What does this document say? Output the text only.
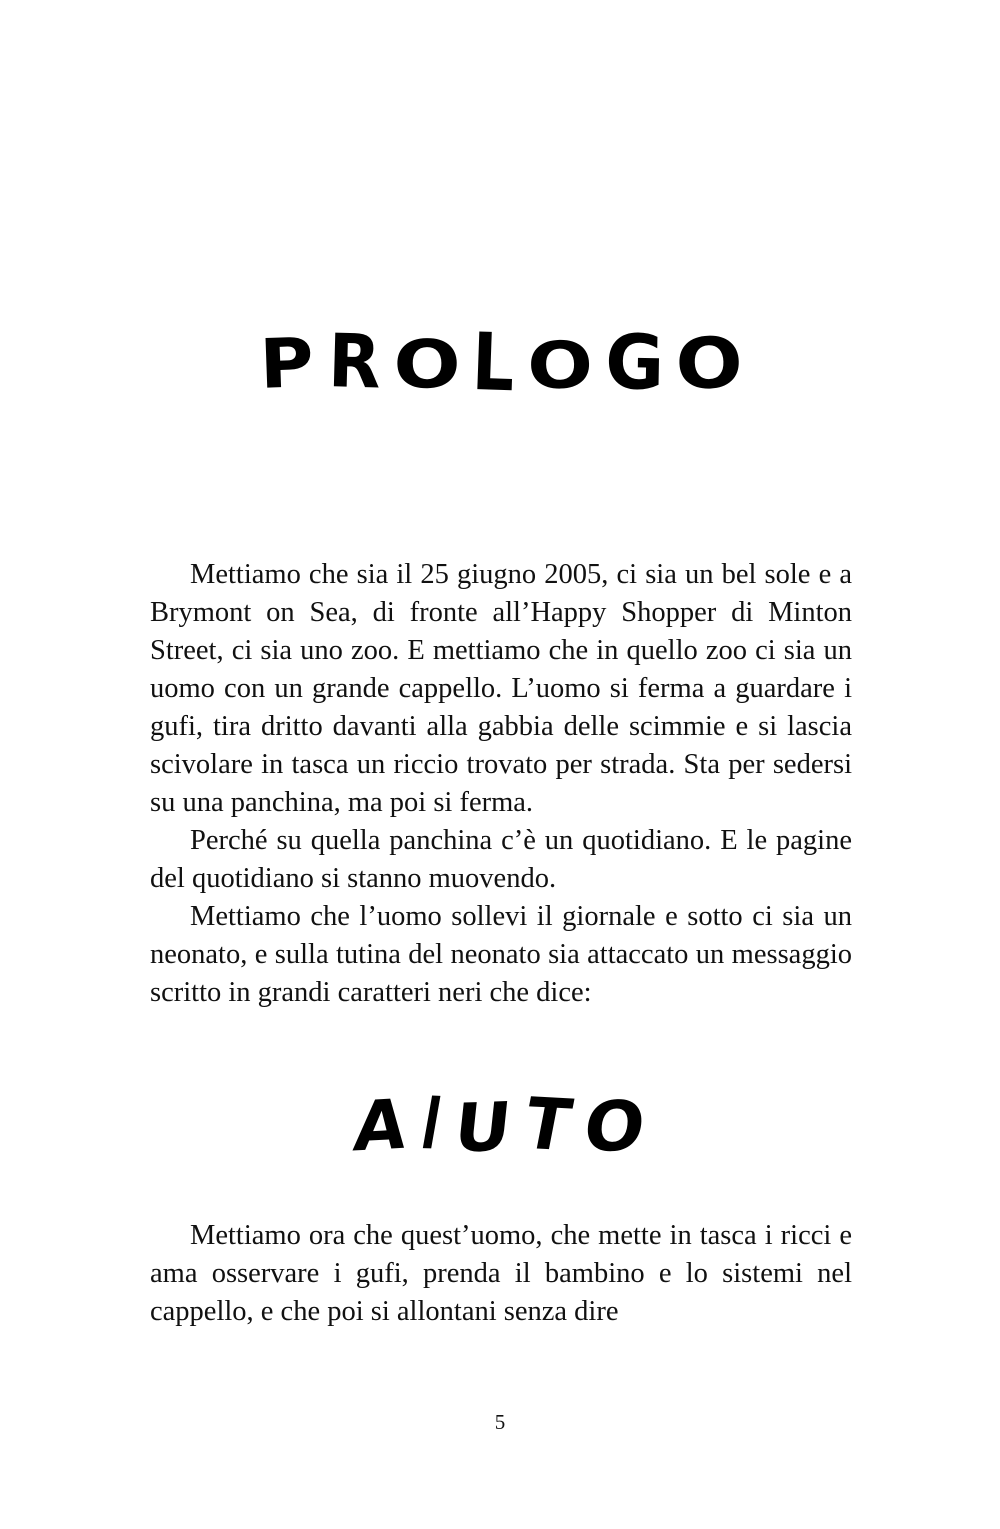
P R O L O G O

Mettiamo che sia il 25 giugno 2005, ci sia un bel sole e a Brymont on Sea, di fronte all’Happy Shopper di Minton Street, ci sia uno zoo. E mettiamo che in quello zoo ci sia un uomo con un grande cappello. L’uomo si ferma a guardare i gufi, tira dritto davanti alla gabbia delle scimmie e si lascia scivolare in tasca un riccio trovato per strada. Sta per sedersi su una panchina, ma poi si ferma.

Perché su quella panchina c’è un quotidiano. E le pagine del quotidiano si stanno muovendo.

Mettiamo che l’uomo sollevi il giornale e sotto ci sia un neonato, e sulla tutina del neonato sia attaccato un messaggio scritto in grandi caratteri neri che dice:

AIUTO

Mettiamo ora che quest’uomo, che mette in tasca i ricci e ama osservare i gufi, prenda il bambino e lo sistemi nel cappello, e che poi si allontani senza dire

5
